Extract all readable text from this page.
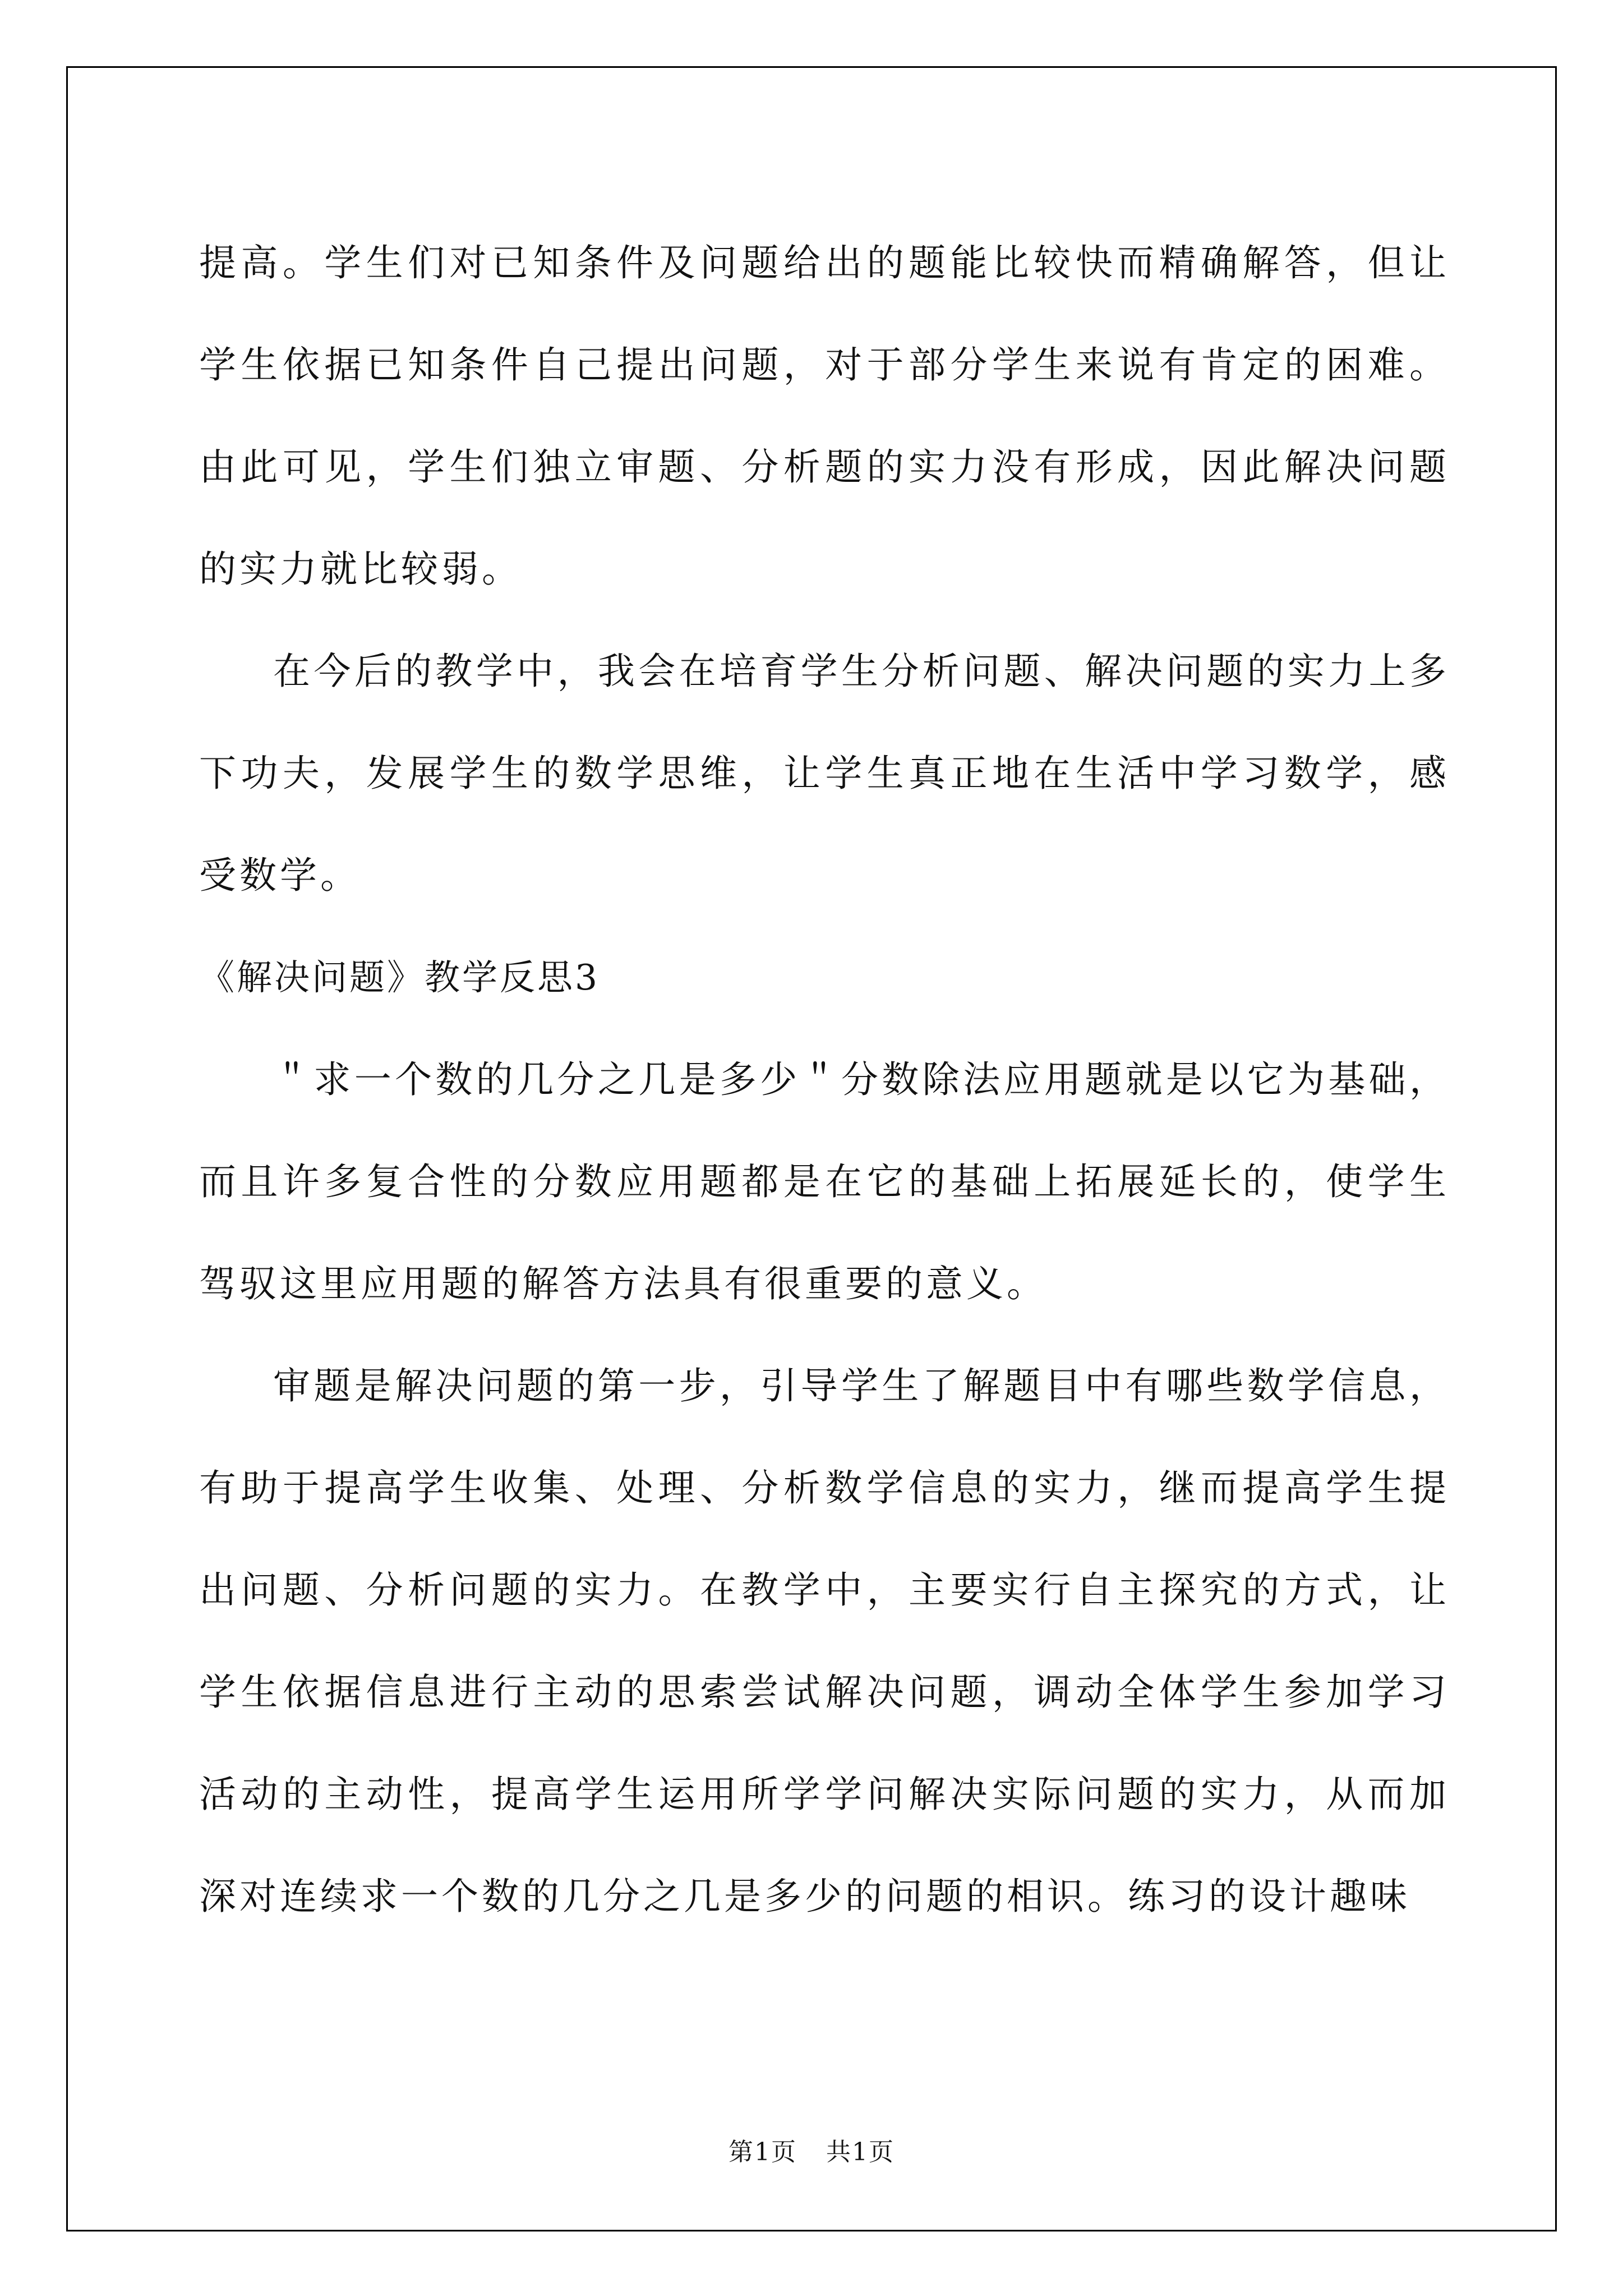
提高。学生们对已知条件及问题给出的题能比较快而精确解答，但让学生依据已知条件自己提出问题，对于部分学生来说有肯定的困难。由此可见，学生们独立审题、分析题的实力没有形成，因此解决问题的实力就比较弱。

在今后的教学中，我会在培育学生分析问题、解决问题的实力上多下功夫，发展学生的数学思维，让学生真正地在生活中学习数学，感受数学。

《解决问题》教学反思3

＂求一个数的几分之几是多少＂分数除法应用题就是以它为基础，而且许多复合性的分数应用题都是在它的基础上拓展延长的，使学生驾驭这里应用题的解答方法具有很重要的意义。

审题是解决问题的第一步，引导学生了解题目中有哪些数学信息，有助于提高学生收集、处理、分析数学信息的实力，继而提高学生提出问题、分析问题的实力。在教学中，主要实行自主探究的方式，让学生依据信息进行主动的思索尝试解决问题，调动全体学生参加学习活动的主动性，提高学生运用所学学问解决实际问题的实力，从而加深对连续求一个数的几分之几是多少的问题的相识。练习的设计趣味

第1页 共1页
